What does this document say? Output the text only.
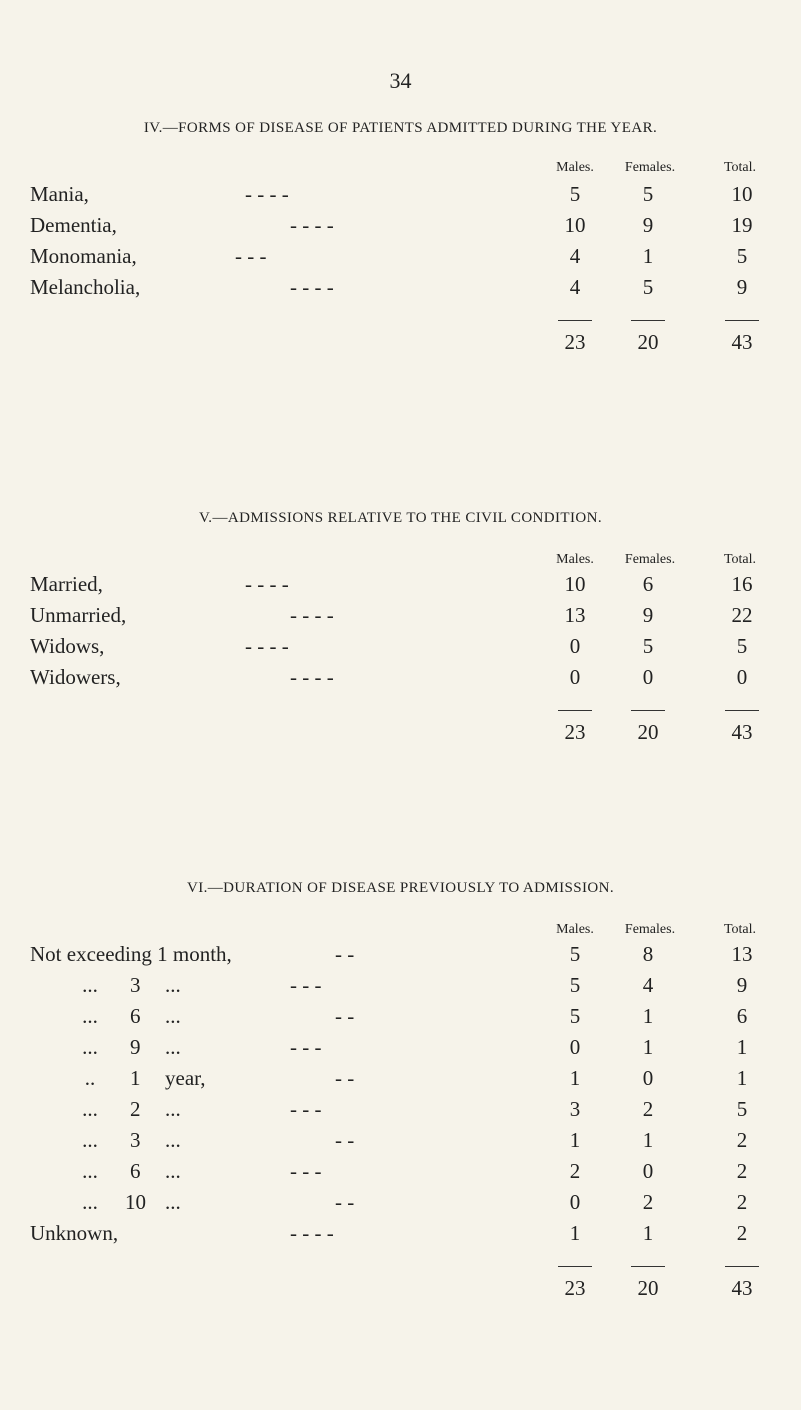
34
IV.—FORMS OF DISEASE OF PATIENTS ADMITTED DURING THE YEAR.
Males.	Females.	Total.
Mania,	- - - -	5	5	10
Dementia,	- - - -	10	9	19
Monomania,	- - -	4	1	5
Melancholia,	- - - -	4	5	9
23	20	43
V.—ADMISSIONS RELATIVE TO THE CIVIL CONDITION.
Males.	Females.	Total.
Married,	- - - -	10	6	16
Unmarried,	- - - -	13	9	22
Widows,	- - - -	0	5	5
Widowers,	- - - -	0	0	0
23	20	43
VI.—DURATION OF DISEASE PREVIOUSLY TO ADMISSION.
Males.	Females.	Total.
Not exceeding 1 month,	- -	5	8	13
...	3 ...	- - -	5	4	9
...	6 ...	- -	5	1	6
...	9 ...	- - -	0	1	1
..	1 year,	- -	1	0	1
...	2 ...	- - -	3	2	5
...	3 ...	- -	1	1	2
...	6 ...	- - -	2	0	2
...	10 ...	- -	0	2	2
Unknown,	- - - -	1	1	2
23	20	43
